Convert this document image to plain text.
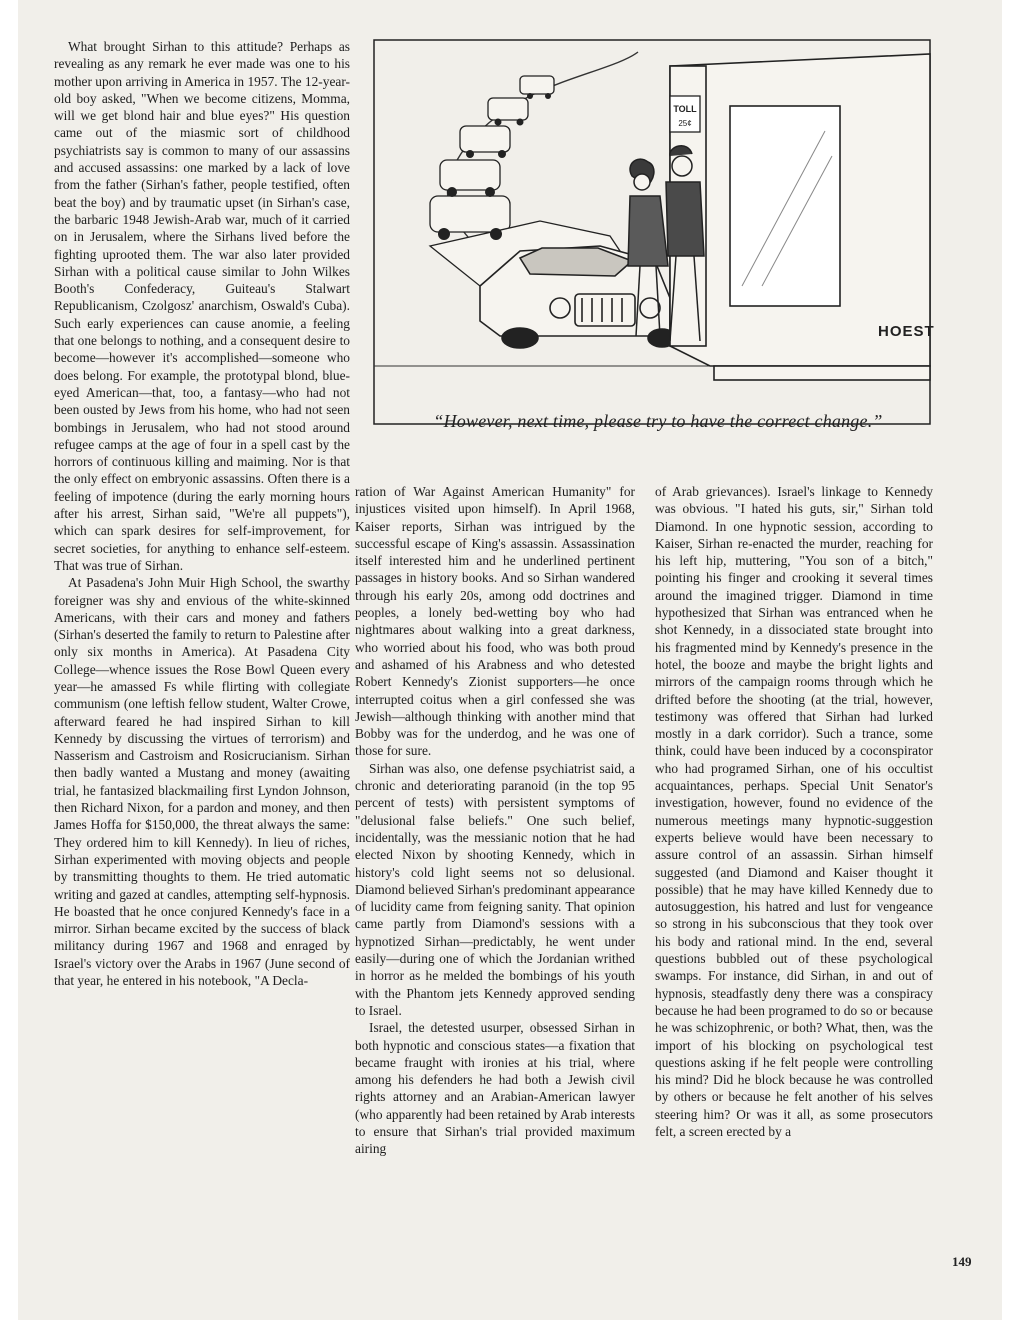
What brought Sirhan to this attitude? Perhaps as revealing as any remark he ever made was one to his mother upon arriving in America in 1957. The 12-year-old boy asked, "When we become citizens, Momma, will we get blond hair and blue eyes?" His question came out of the miasmic sort of childhood psychiatrists say is common to many of our assassins and accused assassins: one marked by a lack of love from the father (Sirhan's father, people testified, often beat the boy) and by traumatic upset (in Sirhan's case, the barbaric 1948 Jewish-Arab war, much of it carried on in Jerusalem, where the Sirhans lived before the fighting uprooted them. The war also later provided Sirhan with a political cause similar to John Wilkes Booth's Confederacy, Guiteau's Stalwart Republicanism, Czolgosz' anarchism, Oswald's Cuba). Such early experiences can cause anomie, a feeling that one belongs to nothing, and a consequent desire to become—however it's accomplished—someone who does belong. For example, the prototypal blond, blue-eyed American—that, too, a fantasy—who had not been ousted by Jews from his home, who had not seen bombings in Jerusalem, who had not stood around refugee camps at the age of four in a spell cast by the horrors of continuous killing and maiming. Nor is that the only effect on embryonic assassins. Often there is a feeling of impotence (during the early morning hours after his arrest, Sirhan said, "We're all puppets"), which can spark desires for self-improvement, for secret societies, for anything to enhance self-esteem. That was true of Sirhan.

At Pasadena's John Muir High School, the swarthy foreigner was shy and envious of the white-skinned Americans, with their cars and money and fathers (Sirhan's deserted the family to return to Palestine after only six months in America). At Pasadena City College—whence issues the Rose Bowl Queen every year—he amassed Fs while flirting with collegiate communism (one leftish fellow student, Walter Crowe, afterward feared he had inspired Sirhan to kill Kennedy by discussing the virtues of terrorism) and Nasserism and Castroism and Rosicrucianism. Sirhan then badly wanted a Mustang and money (awaiting trial, he fantasized blackmailing first Lyndon Johnson, then Richard Nixon, for a pardon and money, and then James Hoffa for $150,000, the threat always the same: They ordered him to kill Kennedy). In lieu of riches, Sirhan experimented with moving objects and people by transmitting thoughts to them. He tried automatic writing and gazed at candles, attempting self-hypnosis. He boasted that he once conjured Kennedy's face in a mirror. Sirhan became excited by the success of black militancy during 1967 and 1968 and enraged by Israel's victory over the Arabs in 1967 (June second of that year, he entered in his notebook, "A Decla-

TOLL
25¢
HOEST
“However, next time, please try to have the correct change.”

ration of War Against American Humanity" for injustices visited upon himself). In April 1968, Kaiser reports, Sirhan was intrigued by the successful escape of King's assassin. Assassination itself interested him and he underlined pertinent passages in history books. And so Sirhan wandered through his early 20s, among odd doctrines and peoples, a lonely bed-wetting boy who had nightmares about walking into a great darkness, who worried about his food, who was both proud and ashamed of his Arabness and who detested Robert Kennedy's Zionist supporters—he once interrupted coitus when a girl confessed she was Jewish—although thinking with another mind that Bobby was for the underdog, and he was one of those for sure.

Sirhan was also, one defense psychiatrist said, a chronic and deteriorating paranoid (in the top 95 percent of tests) with persistent symptoms of "delusional false beliefs." One such belief, incidentally, was the messianic notion that he had elected Nixon by shooting Kennedy, which in history's cold light seems not so delusional. Diamond believed Sirhan's predominant appearance of lucidity came from feigning sanity. That opinion came partly from Diamond's sessions with a hypnotized Sirhan—predictably, he went under easily—during one of which the Jordanian writhed in horror as he melded the bombings of his youth with the Phantom jets Kennedy approved sending to Israel.

Israel, the detested usurper, obsessed Sirhan in both hypnotic and conscious states—a fixation that became fraught with ironies at his trial, where among his defenders he had both a Jewish civil rights attorney and an Arabian-American lawyer (who apparently had been retained by Arab interests to ensure that Sirhan's trial provided maximum airing

of Arab grievances). Israel's linkage to Kennedy was obvious. "I hated his guts, sir," Sirhan told Diamond. In one hypnotic session, according to Kaiser, Sirhan re-enacted the murder, reaching for his left hip, muttering, "You son of a bitch," pointing his finger and crooking it several times around the imagined trigger. Diamond in time hypothesized that Sirhan was entranced when he shot Kennedy, in a dissociated state brought into his fragmented mind by Kennedy's presence in the hotel, the booze and maybe the bright lights and mirrors of the campaign rooms through which he drifted before the shooting (at the trial, however, testimony was offered that Sirhan had lurked mostly in a dark corridor). Such a trance, some think, could have been induced by a coconspirator who had programed Sirhan, one of his occultist acquaintances, perhaps. Special Unit Senator's investigation, however, found no evidence of the numerous meetings many hypnotic-suggestion experts believe would have been necessary to assure control of an assassin. Sirhan himself suggested (and Diamond and Kaiser thought it possible) that he may have killed Kennedy due to autosuggestion, his hatred and lust for vengeance so strong in his subconscious that they took over his body and rational mind. In the end, several questions bubbled out of these psychological swamps. For instance, did Sirhan, in and out of hypnosis, steadfastly deny there was a conspiracy because he had been programed to do so or because he was schizophrenic, or both? What, then, was the import of his blocking on psychological test questions asking if he felt people were controlling his mind? Did he block because he was controlled by others or because he felt another of his selves steering him? Or was it all, as some prosecutors felt, a screen erected by a

149
